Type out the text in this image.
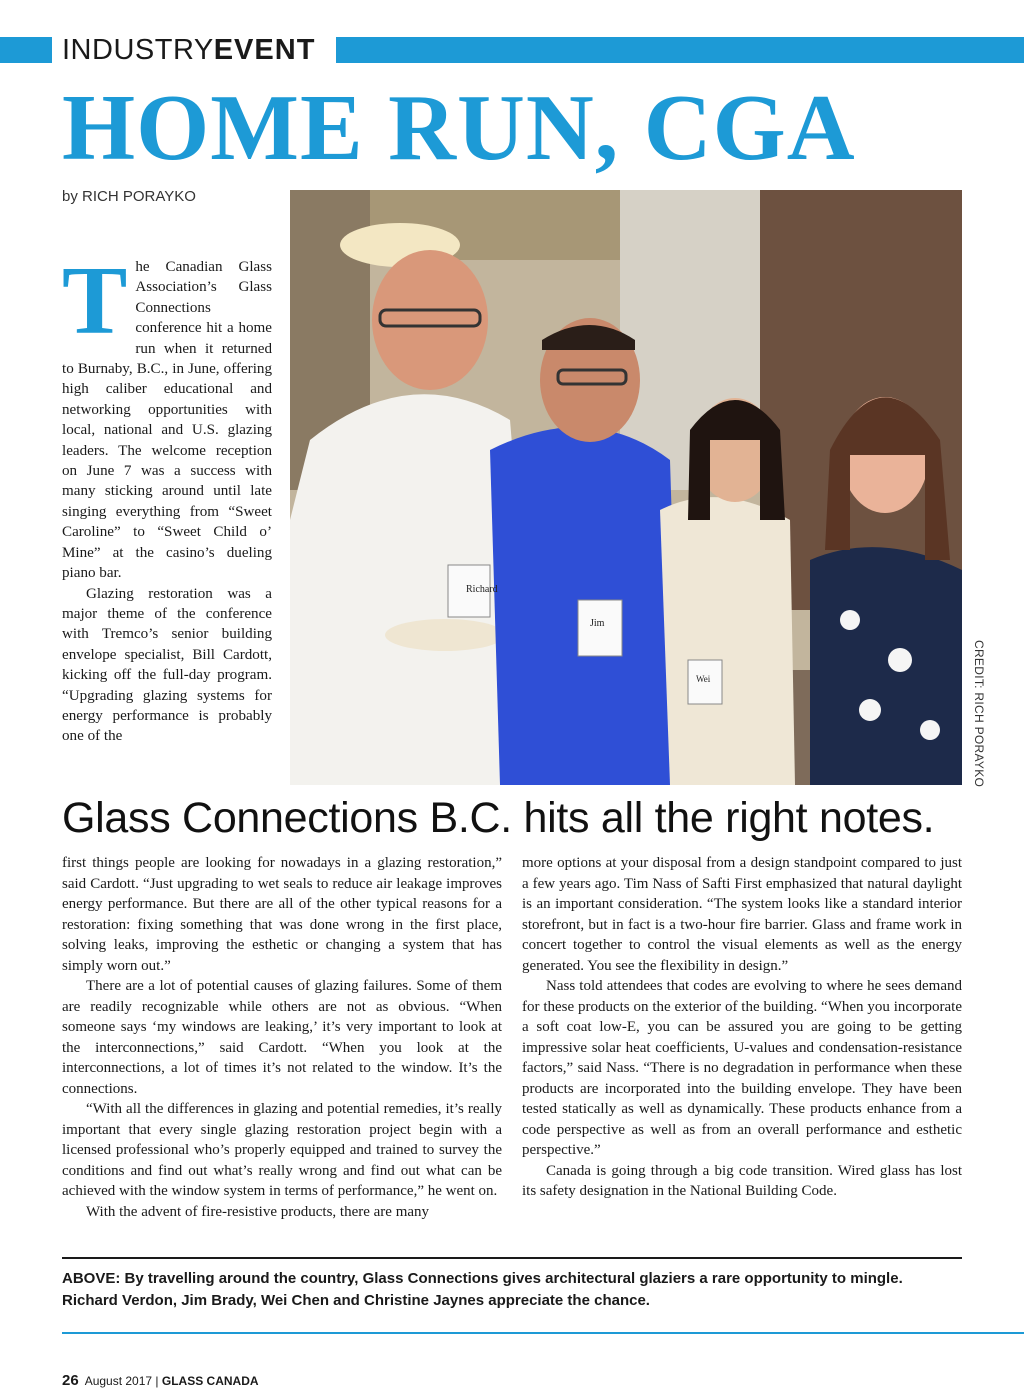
INDUSTRYEVENT
HOME RUN, CGA
by RICH PORAYKO
Richard
Jim
Wei	CREDIT: RICH PORAYKO
T he Canadian Glass Association’s Glass Connections conference hit a home run when it returned to Burnaby, B.C., in June, offering high caliber educational and networking opportunities with local, national and U.S. glazing leaders. The welcome reception on June 7 was a success with many sticking around until late singing everything from “Sweet Caroline” to “Sweet Child o’ Mine” at the casino’s dueling piano bar.

Glazing restoration was a major theme of the conference with Tremco’s senior building envelope specialist, Bill Cardott, kicking off the full-day program. “Upgrading glazing systems for energy performance is probably one of the

Glass Connections B.C. hits all the right notes.

first things people are looking for nowadays in a glazing restoration,” said Cardott. “Just upgrading to wet seals to reduce air leakage improves energy performance. But there are all of the other typical reasons for a restoration: fixing something that was done wrong in the first place, solving leaks, improving the esthetic or changing a system that has simply worn out.”

There are a lot of potential causes of glazing failures. Some of them are readily recognizable while others are not as obvious. “When someone says ‘my windows are leaking,’ it’s very important to look at the interconnections,” said Cardott. “When you look at the interconnections, a lot of times it’s not related to the window. It’s the connections.

“With all the differences in glazing and potential remedies, it’s really important that every single glazing restoration project begin with a licensed professional who’s properly equipped and trained to survey the conditions and find out what’s really wrong and find out what can be achieved with the window system in terms of performance,” he went on.

With the advent of fire-resistive products, there are many

more options at your disposal from a design standpoint compared to just a few years ago. Tim Nass of Safti First emphasized that natural daylight is an important consideration. “The system looks like a standard interior storefront, but in fact is a two-hour fire barrier. Glass and frame work in concert together to control the visual elements as well as the energy generated. You see the flexibility in design.”

Nass told attendees that codes are evolving to where he sees demand for these products on the exterior of the building. “When you incorporate a soft coat low-E, you can be assured you are going to be getting impressive solar heat coefficients, U-values and condensation-resistance factors,” said Nass. “There is no degradation in performance when these products are incorporated into the building envelope. They have been tested statically as well as dynamically. These products enhance from a code perspective as well as from an overall performance and esthetic perspective.”

Canada is going through a big code transition. Wired glass has lost its safety designation in the National Building Code.

ABOVE: By travelling around the country, Glass Connections gives architectural glaziers a rare opportunity to mingle. Richard Verdon, Jim Brady, Wei Chen and Christine Jaynes appreciate the chance.
26 August 2017 | GLASS CANADA
